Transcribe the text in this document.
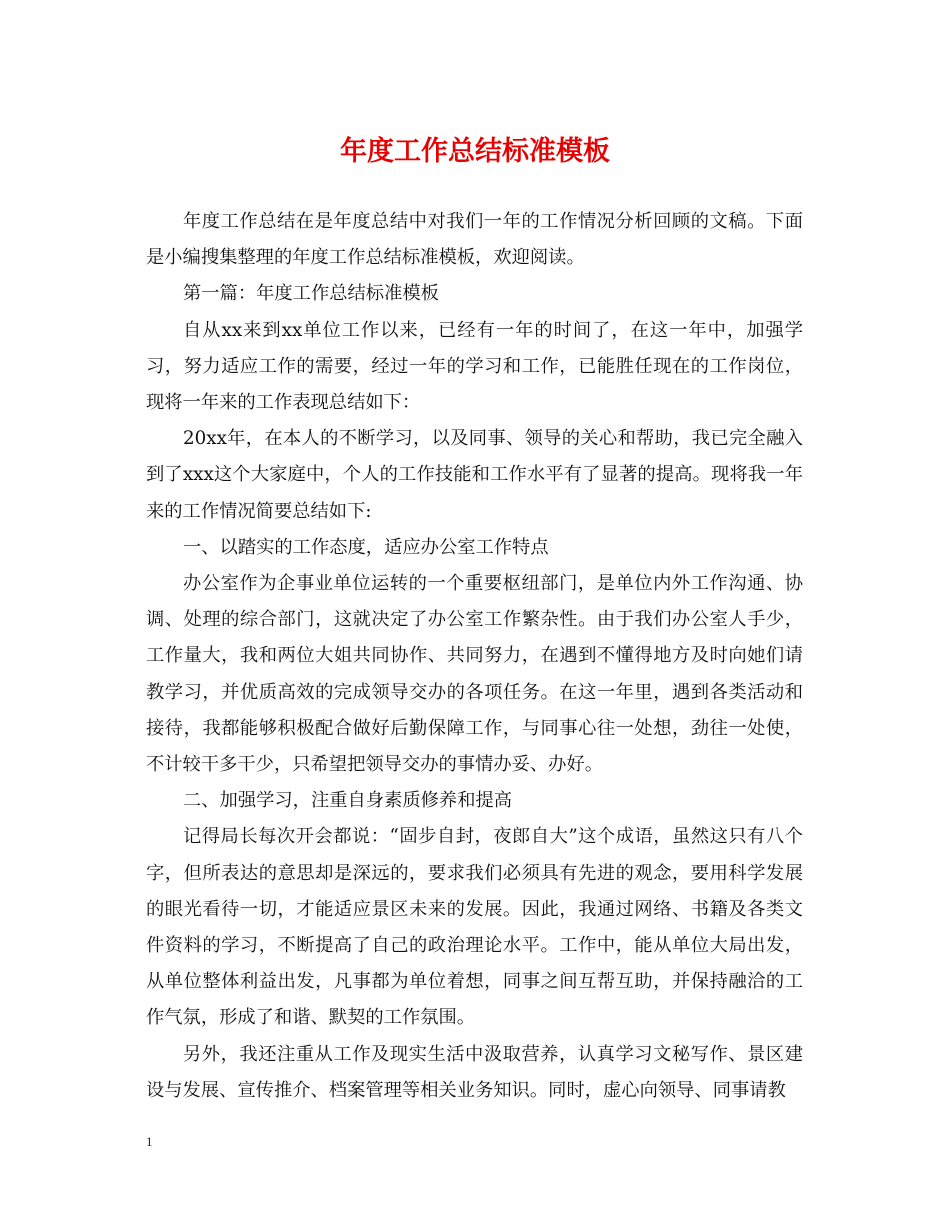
年度工作总结标准模板

年度工作总结在是年度总结中对我们一年的工作情况分析回顾的文稿。下面是小编搜集整理的年度工作总结标准模板，欢迎阅读。

第一篇：年度工作总结标准模板

自从xx来到xx单位工作以来，已经有一年的时间了，在这一年中，加强学习，努力适应工作的需要，经过一年的学习和工作，已能胜任现在的工作岗位，现将一年来的工作表现总结如下：

20xx年，在本人的不断学习，以及同事、领导的关心和帮助，我已完全融入到了xxx这个大家庭中，个人的工作技能和工作水平有了显著的提高。现将我一年来的工作情况简要总结如下:

一、以踏实的工作态度，适应办公室工作特点

办公室作为企事业单位运转的一个重要枢纽部门，是单位内外工作沟通、协调、处理的综合部门，这就决定了办公室工作繁杂性。由于我们办公室人手少，工作量大，我和两位大姐共同协作、共同努力，在遇到不懂得地方及时向她们请教学习，并优质高效的完成领导交办的各项任务。在这一年里，遇到各类活动和接待，我都能够积极配合做好后勤保障工作，与同事心往一处想，劲往一处使，不计较干多干少，只希望把领导交办的事情办妥、办好。

二、加强学习，注重自身素质修养和提高

记得局长每次开会都说：“固步自封，夜郎自大”这个成语，虽然这只有八个字，但所表达的意思却是深远的，要求我们必须具有先进的观念，要用科学发展的眼光看待一切，才能适应景区未来的发展。因此，我通过网络、书籍及各类文件资料的学习，不断提高了自己的政治理论水平。工作中，能从单位大局出发，从单位整体利益出发，凡事都为单位着想，同事之间互帮互助，并保持融洽的工作气氛，形成了和谐、默契的工作氛围。

另外，我还注重从工作及现实生活中汲取营养，认真学习文秘写作、景区建设与发展、宣传推介、档案管理等相关业务知识。同时，虚心向领导、同事请教

1
